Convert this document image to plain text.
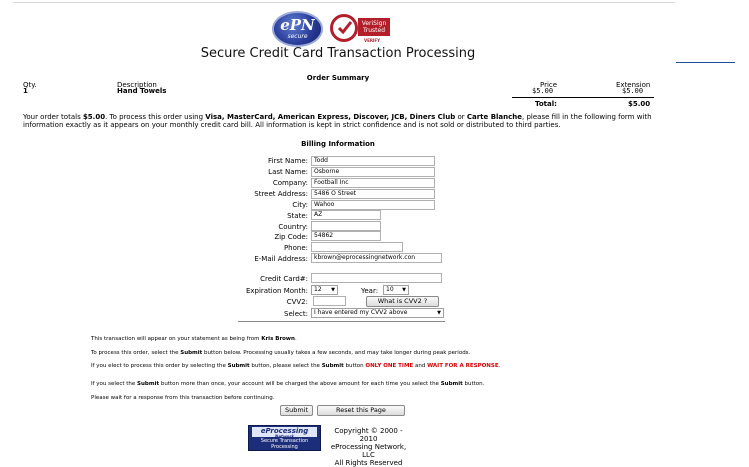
ePN
secure
VeriSign
Trusted
VERIFY
Secure Credit Card Transaction Processing
Order Summary
Qty.	Description	Price	Extension
1	Hand Towels	$5.00	$5.00
Total:	$5.00
Your order totals $5.00. To process this order using Visa, MasterCard, American Express, Discover, JCB, Diners Club or Carte Blanche, please fill in the following form with information exactly as it appears on your monthly credit card bill. All information is kept in strict confidence and is not sold or distributed to third parties.
Billing Information
First Name:	Todd
Last Name:	Osborne
Company:	Football Inc
Street Address:	5486 O Street
City:	Wahoo
State:	AZ
Country:
Zip Code:	54862
Phone:
E-Mail Address:	kbrown@eprocessingnetwork.con
Credit Card#:
Expiration Month:	12 ▼	Year:	10 ▼
CVV2:	What is CVV2 ?
Select:	I have entered my CVV2 above	▼
This transaction will appear on your statement as being from Kris Brown.
To process this order, select the Submit button below. Processing usually takes a few seconds, and may take longer during peak periods.
If you elect to process this order by selecting the Submit button, please select the Submit button ONLY ONE TIME and WAIT FOR A RESPONSE.
If you select the Submit button more than once, your account will be charged the above amount for each time you select the Submit button.
Please wait for a response from this transaction before continuing.
Submit	Reset this Page
eProcessing
Network
Secure Transaction
Processing
Copyright © 2000 - 2010
eProcessing Network, LLC
All Rights Reserved
